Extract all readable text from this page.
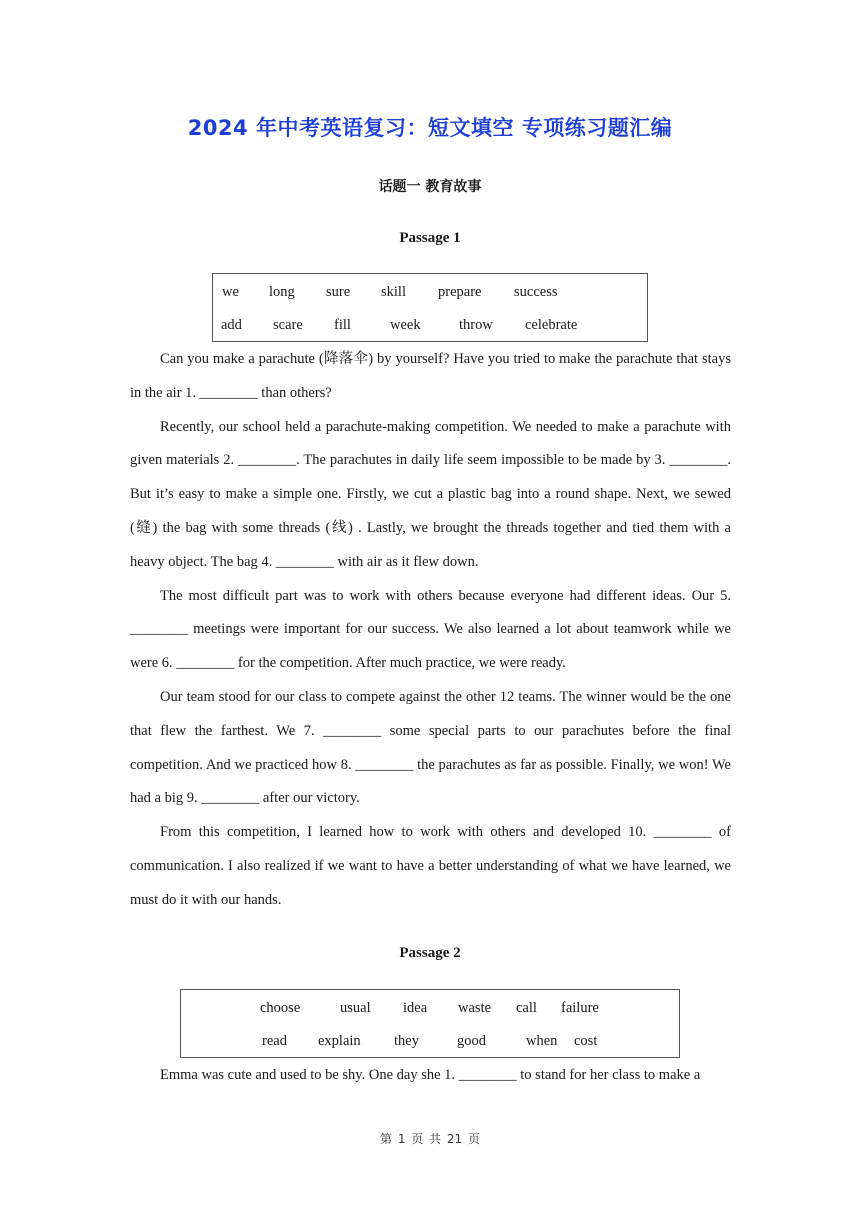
2024 年中考英语复习：短文填空 专项练习题汇编
话题一 教育故事
Passage 1
we long sure skill prepare success
add scare fill	week	throw celebrate

Can you make a parachute (降落伞) by yourself? Have you tried to make the parachute that stays in the air 1. ________ than others?

Recently, our school held a parachute-making competition. We needed to make a parachute with given materials 2. ________. The parachutes in daily life seem impossible to be made by 3. ________. But it’s easy to make a simple one. Firstly, we cut a plastic bag into a round shape. Next, we sewed (缝) the bag with some threads (线) . Lastly, we brought the threads together and tied them with a heavy object. The bag 4. ________ with air as it flew down.

The most difficult part was to work with others because everyone had different ideas. Our 5. ________ meetings were important for our success. We also learned a lot about teamwork while we were 6. ________ for the competition. After much practice, we were ready.

Our team stood for our class to compete against the other 12 teams. The winner would be the one that flew the farthest. We 7. ________ some special parts to our parachutes before the final competition. And we practiced how 8. ________ the parachutes as far as possible. Finally, we won! We had a big 9. ________ after our victory.

From this competition, I learned how to work with others and developed 10. ________ of communication. I also realized if we want to have a better understanding of what we have learned, we must do it with our hands.

Passage 2
choose	usual idea waste call failure
read explain they	good	when cost

Emma was cute and used to be shy. One day she 1. ________ to stand for her class to make a

第 1 页 共 21 页
